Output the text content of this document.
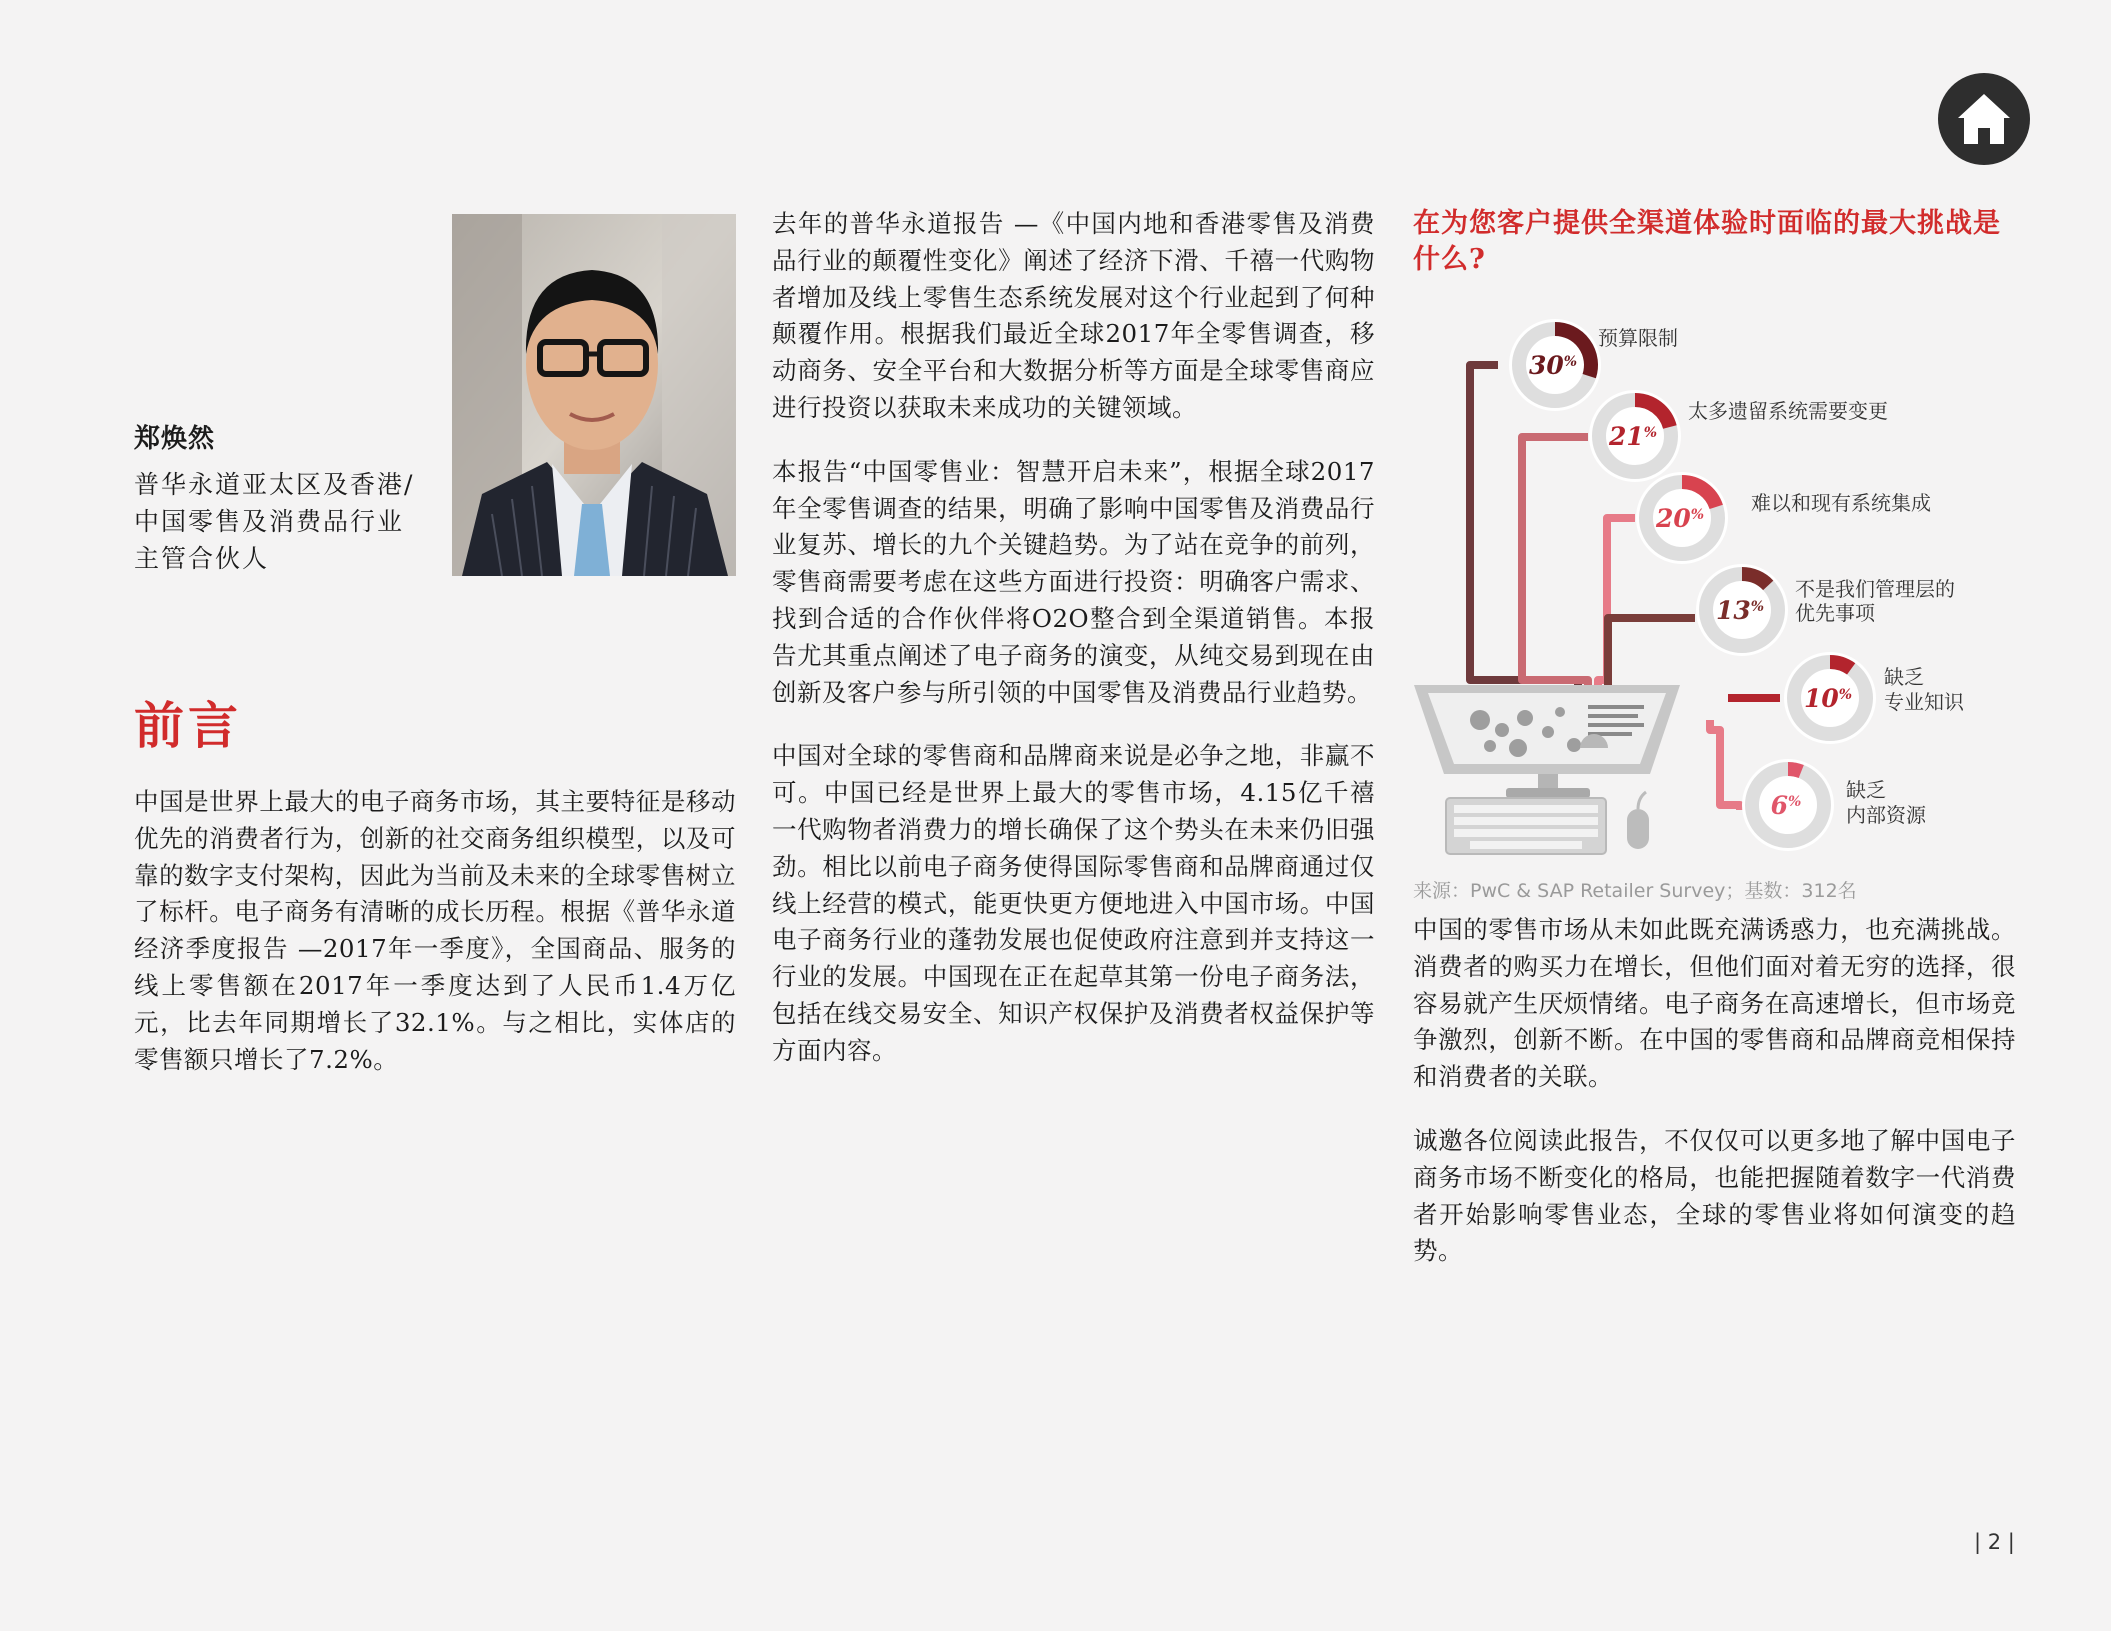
郑焕然
普华永道亚太区及香港/
中国零售及消费品行业
主管合伙人
前言

中国是世界上最大的电子商务市场，其主要特征是移动优先的消费者行为，创新的社交商务组织模型，以及可靠的数字支付架构，因此为当前及未来的全球零售树立了标杆。电子商务有清晰的成长历程。根据《普华永道经济季度报告 —2017年一季度》，全国商品、服务的线上零售额在2017年一季度达到了人民币1.4万亿元，比去年同期增长了32.1%。与之相比，实体店的零售额只增长了7.2%。

去年的普华永道报告 —《中国内地和香港零售及消费品行业的颠覆性变化》阐述了经济下滑、千禧一代购物者增加及线上零售生态系统发展对这个行业起到了何种颠覆作用。根据我们最近全球2017年全零售调查，移动商务、安全平台和大数据分析等方面是全球零售商应进行投资以获取未来成功的关键领域。

本报告“中国零售业：智慧开启未来”，根据全球2017年全零售调查的结果，明确了影响中国零售及消费品行业复苏、增长的九个关键趋势。为了站在竞争的前列，零售商需要考虑在这些方面进行投资：明确客户需求、找到合适的合作伙伴将O2O整合到全渠道销售。本报告尤其重点阐述了电子商务的演变，从纯交易到现在由创新及客户参与所引领的中国零售及消费品行业趋势。

中国对全球的零售商和品牌商来说是必争之地，非赢不可。中国已经是世界上最大的零售市场，4.15亿千禧一代购物者消费力的增长确保了这个势头在未来仍旧强劲。相比以前电子商务使得国际零售商和品牌商通过仅线上经营的模式，能更快更方便地进入中国市场。中国电子商务行业的蓬勃发展也促使政府注意到并支持这一行业的发展。中国现在正在起草其第一份电子商务法，包括在线交易安全、知识产权保护及消费者权益保护等方面内容。

在为您客户提供全渠道体验时面临的最大挑战是什么?
30%
21%
20%
13%
10%
6%
预算限制
太多遗留系统需要变更
难以和现有系统集成
不是我们管理层的
优先事项
缺乏
专业知识
缺乏
内部资源
来源：PwC & SAP Retailer Survey；基数：312名

中国的零售市场从未如此既充满诱惑力，也充满挑战。消费者的购买力在增长，但他们面对着无穷的选择，很容易就产生厌烦情绪。电子商务在高速增长，但市场竞争激烈，创新不断。在中国的零售商和品牌商竞相保持和消费者的关联。

诚邀各位阅读此报告，不仅仅可以更多地了解中国电子商务市场不断变化的格局，也能把握随着数字一代消费者开始影响零售业态，全球的零售业将如何演变的趋势。

| 2 |
